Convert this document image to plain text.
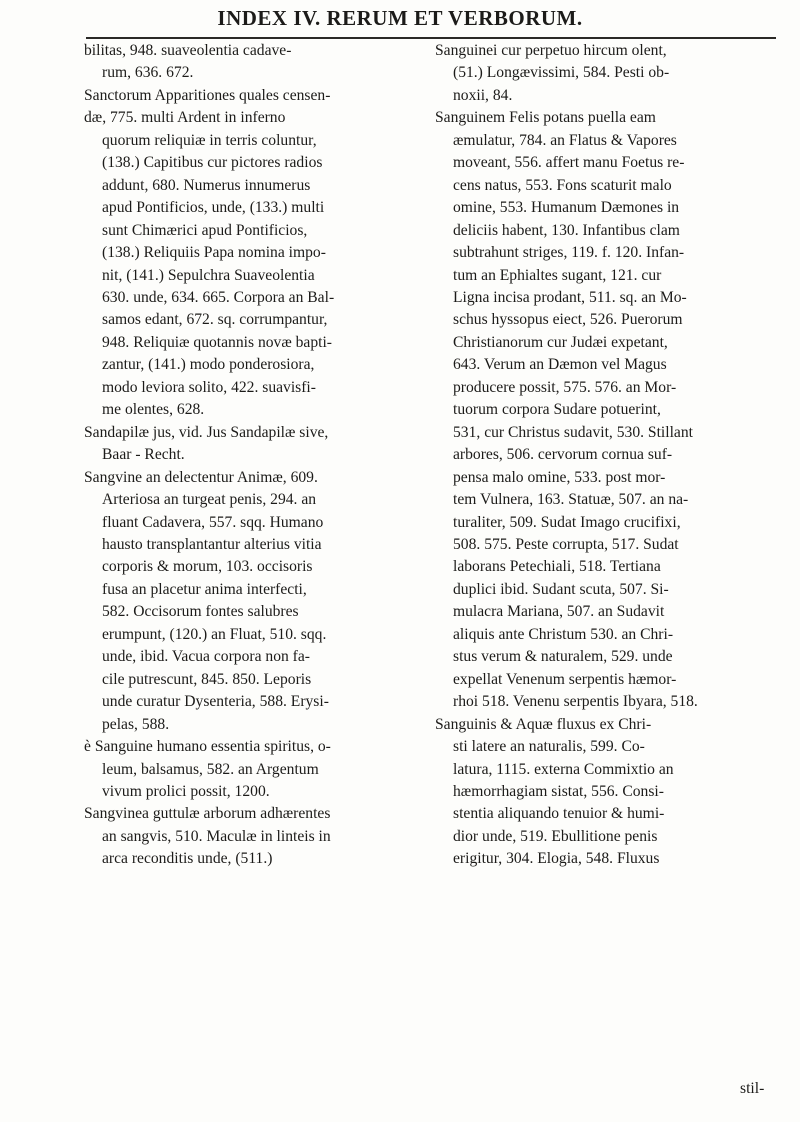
INDEX IV. RERUM ET VERBORUM.
bilitas, 948. suaveolentia cadave-
rum, 636. 672.
Sanctorum Apparitiones quales censen-
dæ, 775. multi Ardent in inferno
quorum reliquiæ in terris coluntur,
(138.) Capitibus cur pictores radios
addunt, 680. Numerus innumerus
apud Pontificios, unde, (133.) multi
sunt Chimærici apud Pontificios,
(138.) Reliquiis Papa nomina impo-
nit, (141.) Sepulchra Suaveolentia
630. unde, 634. 665. Corpora an Bal-
samos edant, 672. sq. corrumpantur,
948. Reliquiæ quotannis novæ bapti-
zantur, (141.) modo ponderosiora,
modo leviora solito, 422. suavisfi-
me olentes, 628.
Sandapilæ jus, vid. Jus Sandapilæ sive,
Baar - Recht.
Sangvine an delectentur Animæ, 609.
Arteriosa an turgeat penis, 294. an
fluant Cadavera, 557. sqq. Humano
hausto transplantantur alterius vitia
corporis & morum, 103. occisoris
fusa an placetur anima interfecti,
582. Occisorum fontes salubres
erumpunt, (120.) an Fluat, 510. sqq.
unde, ibid. Vacua corpora non fa-
cile putrescunt, 845. 850. Leporis
unde curatur Dysenteria, 588. Erysi-
pelas, 588.
è Sanguine humano essentia spiritus, o-
leum, balsamus, 582. an Argentum
vivum prolici possit, 1200.
Sangvinea guttulæ arborum adhærentes
an sangvis, 510. Maculæ in linteis in
arca reconditis unde, (511.)
Sanguinei cur perpetuo hircum olent,
(51.) Longævissimi, 584. Pesti ob-
noxii, 84.
Sanguinem Felis potans puella eam
æmulatur, 784. an Flatus & Vapores
moveant, 556. affert manu Foetus re-
cens natus, 553. Fons scaturit malo
omine, 553. Humanum Dæmones in
deliciis habent, 130. Infantibus clam
subtrahunt striges, 119. f. 120. Infan-
tum an Ephialtes sugant, 121. cur
Ligna incisa prodant, 511. sq. an Mo-
schus hyssopus eiect, 526. Puerorum
Christianorum cur Judæi expetant,
643. Verum an Dæmon vel Magus
producere possit, 575. 576. an Mor-
tuorum corpora Sudare potuerint,
531, cur Christus sudavit, 530. Stillant
arbores, 506. cervorum cornua suf-
pensa malo omine, 533. post mor-
tem Vulnera, 163. Statuæ, 507. an na-
turaliter, 509. Sudat Imago crucifixi,
508. 575. Peste corrupta, 517. Sudat
laborans Petechiali, 518. Tertiana
duplici ibid. Sudant scuta, 507. Si-
mulacra Mariana, 507. an Sudavit
aliquis ante Christum 530. an Chri-
stus verum & naturalem, 529. unde
expellat Venenum serpentis hæmor-
rhoi 518. Venenu serpentis Ibyara, 518.
Sanguinis & Aquæ fluxus ex Chri-
sti latere an naturalis, 599. Co-
latura, 1115. externa Commixtio an
hæmorrhagiam sistat, 556. Consi-
stentia aliquando tenuior & humi-
dior unde, 519. Ebullitione penis
erigitur, 304. Elogia, 548. Fluxus
stil-
